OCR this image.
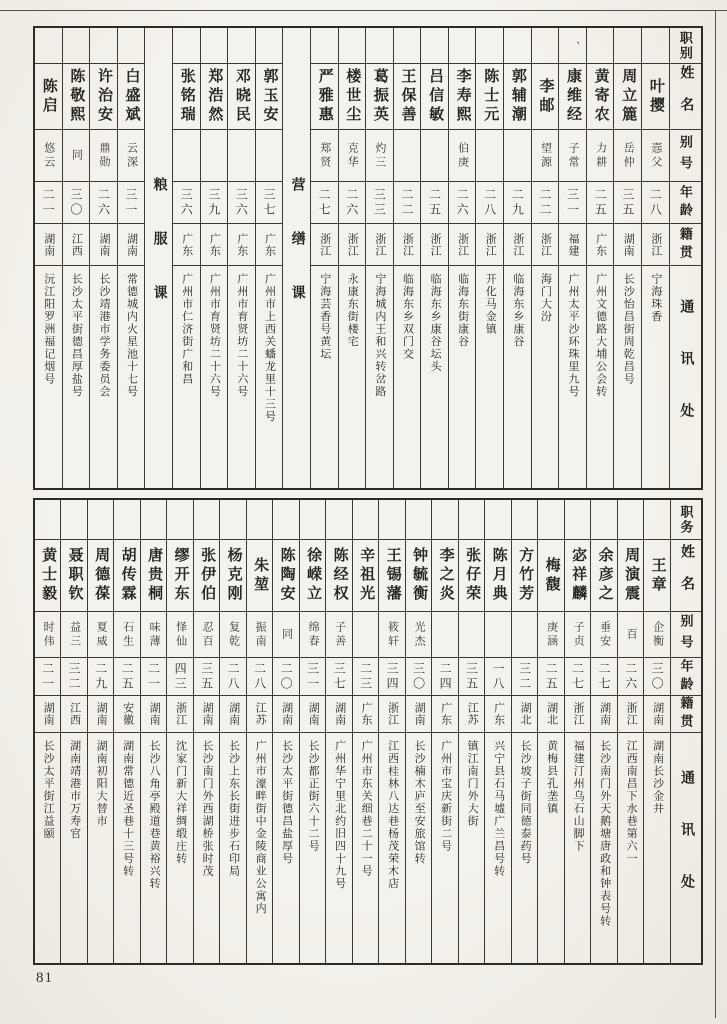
职别
姓名
别号
年龄
籍贯
通讯处
叶撄
悫父
二八
浙江
宁海珠香
周立簏
岳仲
三五
湖南
长沙怡昌街周乾昌号
黄寄农
力耕
二五
广东
广州文德路大埔公会转
、
康维经
子常
三一
福建
广州太平沙环珠里九号
李邮
望源
二二
浙江
海门大汾
郭辅潮
二九
浙江
临海东乡康谷
陈士元
二八
浙江
开化马金镇
李寿熙
伯庚
二六
浙江
临海东街康谷
吕信敏
二五
浙江
临海东乡康谷坛头
王保善
二二
浙江
临海东乡双门交
葛振英
灼三
三三
浙江
宁海城内王和兴转岔路
楼世尘
克华
二六
浙江
永康东街楼宅
严雅惠
郑贤
二七
浙江
宁海芸香号黄坛
营缮课
郭玉安
三七
广东
广州市上西关蟠龙里十三号
邓晓民
三六
广东
广州市育贤坊二十六号
郑浩然
三九
广东
广州市育贤坊二十六号
张铭瑞
三六
广东
广州市仁济街广和昌
粮服课
白盛斌
云深
三一
湖南
常德城内火星池十七号
许治安
鼎勋
二六
湖南
长沙靖港市学务委员会
陈敬熙
同
三〇
江西
长沙太平街德昌厚盐号
陈启
悠云
二一
湖南
沅江阳罗洲福记烟号
职务
姓名
别号
年龄
籍贯
通讯处
王章
企衡
三〇
湖南
湖南长沙金井
周演震
百
二六
浙江
江西南昌下水巷第六一
余彦之
垂安
二七
湖南
长沙南门外天鹅塘唐政和钟表号转
宓祥麟
子贞
二七
浙江
福建汀州乌石山脚下
梅馥
庚涵
二五
湖北
黄梅县孔垄镇
方竹芳
三二
湖北
长沙坡子街同德泰药号
陈月典
一八
广东
兴宁县石马墟广兰昌号转
张仔荣
三五
江苏
镇江南门外大街
李之炎
二四
广东
广州市宝庆新街二号
钟毓衡
光杰
三〇
湖南
长沙楠木庐至安旅馆转
王锡藩
筱轩
三四
浙江
江西桂林八达巷杨茂荣木店
辛祖光
二三
广东
广州市东关细巷二十一号
陈经权
子善
三七
湖南
广州华宁里北约旧四十九号
徐嵘立
绵春
三一
湖南
长沙都正街六十二号
陈陶安
同
二〇
湖南
长沙太平街德昌盐厚号
朱堃
振南
二八
江苏
广州市濠畔街中金陵商业公寓内
杨克刚
复乾
二八
湖南
长沙上东长街进步石印局
张伊伯
忍百
三五
湖南
长沙南门外西湖桥张时茂
缪开东
怿仙
四三
浙江
沈家门新大祥绸缎庄转
唐贵桐
味薄
二一
湖南
长沙八角亭殿道巷黄裕兴转
胡传霖
石生
二五
安徽
湖南常德近圣巷十三号转
周德葆
夏威
二九
湖南
湖南初阳大替市
聂职钦
益三
三二
江西
湖南靖港市万寿官
黄士毅
时伟
二一
湖南
长沙太平街江益颐
81
